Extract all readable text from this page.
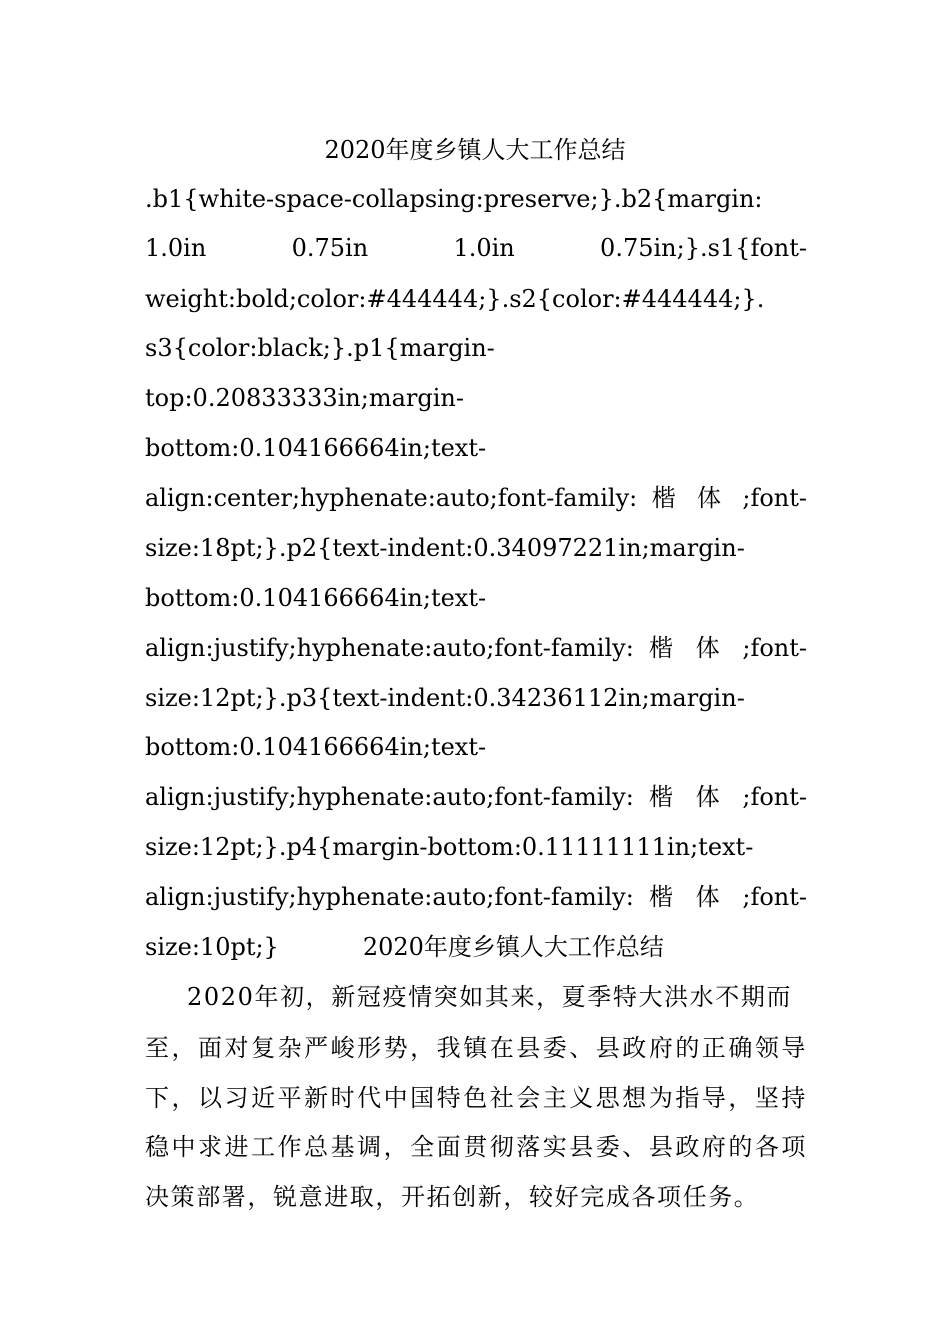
2020年度乡镇人大工作总结

.b1{white-space-collapsing:preserve;}.b2{margin:

1.0in 0.75in 1.0in 0.75in;}.s1{font-

weight:bold;color:#444444;}.s2{color:#444444;}.

s3{color:black;}.p1{margin-

top:0.20833333in;margin-

bottom:0.104166664in;text-

align:center;hyphenate:auto;font-family: 楷 体 ;font-

size:18pt;}.p2{text-indent:0.34097221in;margin-

bottom:0.104166664in;text-

align:justify;hyphenate:auto;font-family: 楷 体 ;font-

size:12pt;}.p3{text-indent:0.34236112in;margin-

bottom:0.104166664in;text-

align:justify;hyphenate:auto;font-family: 楷 体 ;font-

size:12pt;}.p4{margin-bottom:0.11111111in;text-

align:justify;hyphenate:auto;font-family: 楷 体 ;font-

size:10pt;}	2020年度乡镇人大工作总结

2020年初，新冠疫情突如其来，夏季特大洪水不期而

至，面对复杂严峻形势，我镇在县委、县政府的正确领导

下，以习近平新时代中国特色社会主义思想为指导，坚持

稳中求进工作总基调，全面贯彻落实县委、县政府的各项

决策部署，锐意进取，开拓创新，较好完成各项任务。
